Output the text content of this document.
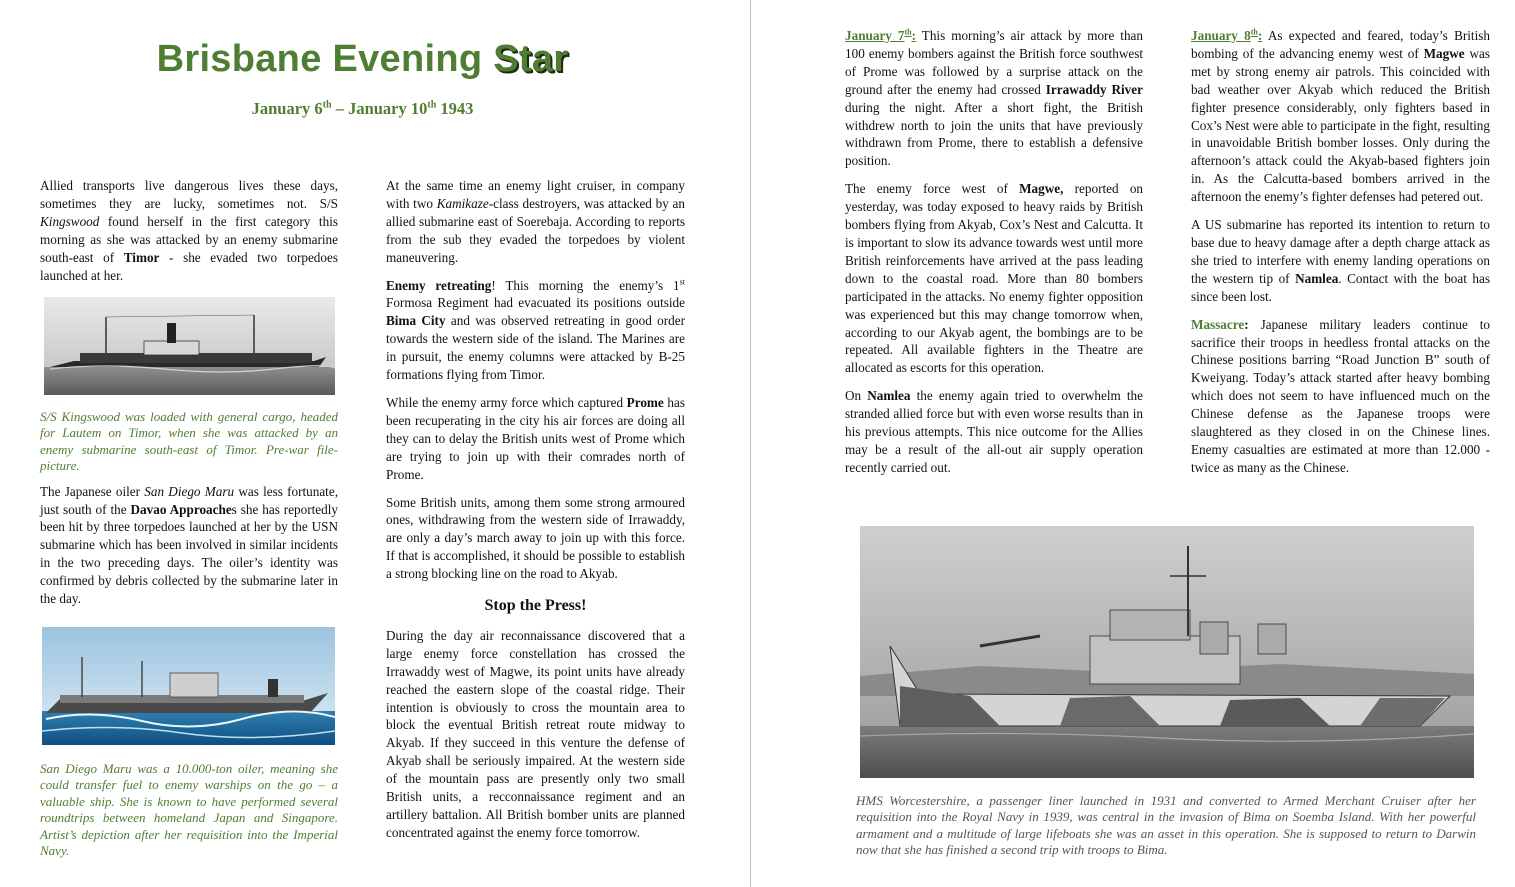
Brisbane Evening Star
January 6th – January 10th 1943

Allied transports live dangerous lives these days, sometimes they are lucky, sometimes not. S/S Kingswood found herself in the first category this morning as she was attacked by an enemy submarine south-east of Timor - she evaded two torpedoes launched at her.

S/S Kingswood was loaded with general cargo, headed for Lautem on Timor, when she was attacked by an enemy submarine south-east of Timor. Pre-war file-picture.

The Japanese oiler San Diego Maru was less fortunate, just south of the Davao Approaches she has reportedly been hit by three torpedoes launched at her by the USN submarine which has been involved in similar incidents in the two preceding days. The oiler’s identity was confirmed by debris collected by the submarine later in the day.

San Diego Maru was a 10.000-ton oiler, meaning she could transfer fuel to enemy warships on the go – a valuable ship. She is known to have performed several roundtrips between homeland Japan and Singapore. Artist’s depiction after her requisition into the Imperial Navy.

At the same time an enemy light cruiser, in company with two Kamikaze-class destroyers, was attacked by an allied submarine east of Soerebaja. According to reports from the sub they evaded the torpedoes by violent maneuvering.

Enemy retreating! This morning the enemy’s 1st Formosa Regiment had evacuated its positions outside Bima City and was observed retreating in good order towards the western side of the island. The Marines are in pursuit, the enemy columns were attacked by B-25 formations flying from Timor.

While the enemy army force which captured Prome has been recuperating in the city his air forces are doing all they can to delay the British units west of Prome which are trying to join up with their comrades north of Prome.

Some British units, among them some strong armoured ones, withdrawing from the western side of Irrawaddy, are only a day’s march away to join up with this force. If that is accomplished, it should be possible to establish a strong blocking line on the road to Akyab.

Stop the Press!

During the day air reconnaissance discovered that a large enemy force constellation has crossed the Irrawaddy west of Magwe, its point units have already reached the eastern slope of the coastal ridge. Their intention is obviously to cross the mountain area to block the eventual British retreat route midway to Akyab. If they succeed in this venture the defense of Akyab shall be seriously impaired. At the western side of the mountain pass are presently only two small British units, a recconnaissance regiment and an artillery battalion. All British bomber units are planned concentrated against the enemy force tomorrow.

January 7th: This morning’s air attack by more than 100 enemy bombers against the British force southwest of Prome was followed by a surprise attack on the ground after the enemy had crossed Irrawaddy River during the night. After a short fight, the British withdrew north to join the units that have previously withdrawn from Prome, there to establish a defensive position.

The enemy force west of Magwe, reported on yesterday, was today exposed to heavy raids by British bombers flying from Akyab, Cox’s Nest and Calcutta. It is important to slow its advance towards west until more British reinforcements have arrived at the pass leading down to the coastal road. More than 80 bombers participated in the attacks. No enemy fighter opposition was experienced but this may change tomorrow when, according to our Akyab agent, the bombings are to be repeated. All available fighters in the Theatre are allocated as escorts for this operation.

On Namlea the enemy again tried to overwhelm the stranded allied force but with even worse results than in his previous attempts. This nice outcome for the Allies may be a result of the all-out air supply operation recently carried out.

January 8th: As expected and feared, today’s British bombing of the advancing enemy west of Magwe was met by strong enemy air patrols. This coincided with bad weather over Akyab which reduced the British fighter presence considerably, only fighters based in Cox’s Nest were able to participate in the fight, resulting in unavoidable British bomber losses. Only during the afternoon’s attack could the Akyab-based fighters join in. As the Calcutta-based bombers arrived in the afternoon the enemy’s fighter defenses had petered out.

A US submarine has reported its intention to return to base due to heavy damage after a depth charge attack as she tried to interfere with enemy landing operations on the western tip of Namlea. Contact with the boat has since been lost.

Massacre: Japanese military leaders continue to sacrifice their troops in heedless frontal attacks on the Chinese positions barring “Road Junction B” south of Kweiyang. Today’s attack started after heavy bombing which does not seem to have influenced much on the Chinese defense as the Japanese troops were slaughtered as they closed in on the Chinese lines. Enemy casualties are estimated at more than 12.000 - twice as many as the Chinese.

HMS Worcestershire, a passenger liner launched in 1931 and converted to Armed Merchant Cruiser after her requisition into the Royal Navy in 1939, was central in the invasion of Bima on Soemba Island. With her powerful armament and a multitude of large lifeboats she was an asset in this operation. She is supposed to return to Darwin now that she has finished a second trip with troops to Bima.
